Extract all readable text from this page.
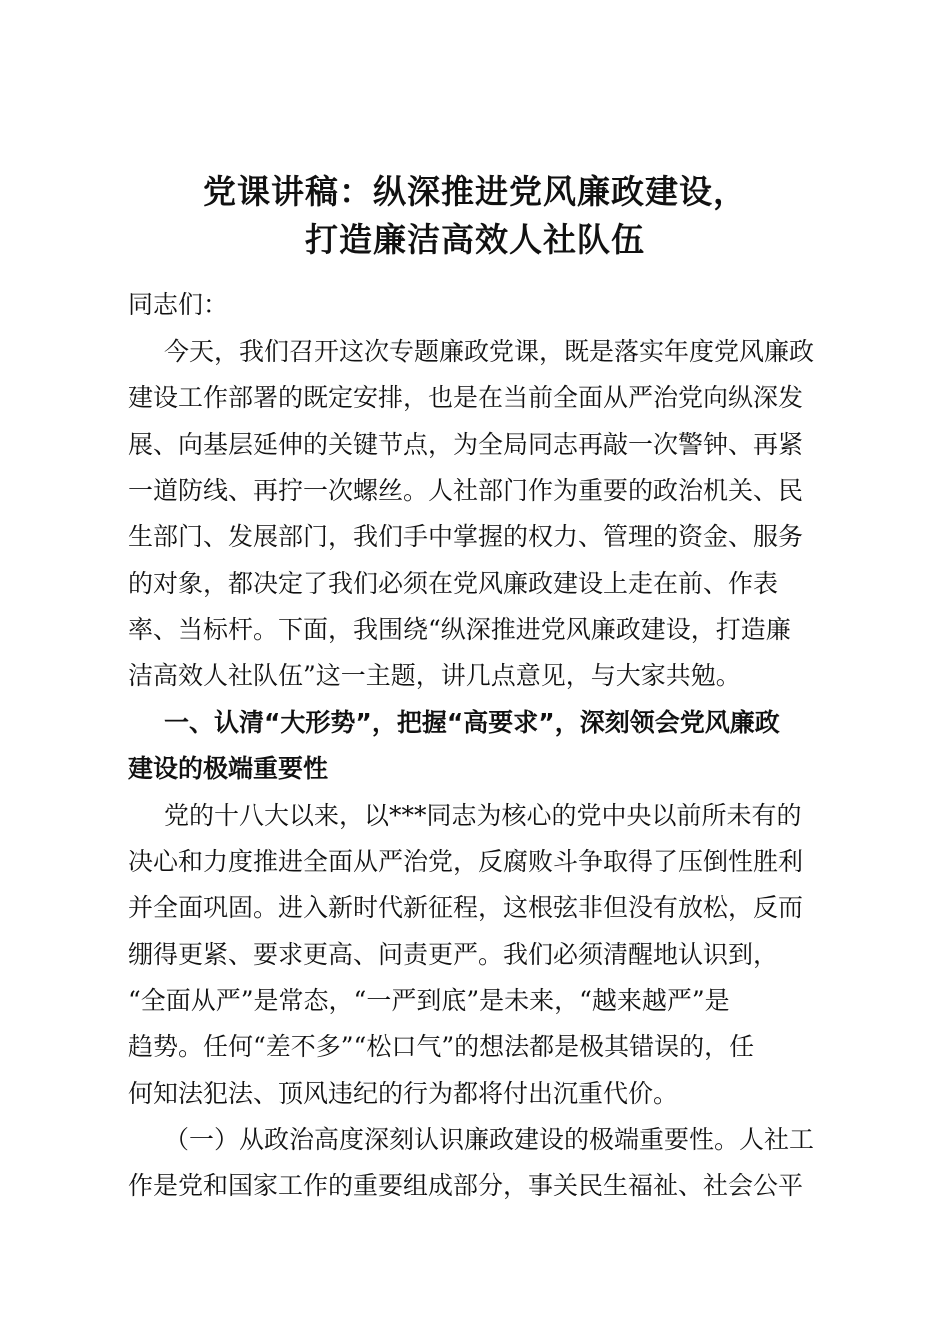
党课讲稿：纵深推进党风廉政建设，
打造廉洁高效人社队伍
同志们：
今天，我们召开这次专题廉政党课，既是落实年度党风廉政
建设工作部署的既定安排，也是在当前全面从严治党向纵深发
展、向基层延伸的关键节点，为全局同志再敲一次警钟、再紧
一道防线、再拧一次螺丝。人社部门作为重要的政治机关、民
生部门、发展部门，我们手中掌握的权力、管理的资金、服务
的对象，都决定了我们必须在党风廉政建设上走在前、作表
率、当标杆。下面，我围绕“纵深推进党风廉政建设，打造廉
洁高效人社队伍”这一主题，讲几点意见，与大家共勉。
一、认清“大形势”，把握“高要求”，深刻领会党风廉政
建设的极端重要性
党的十八大以来，以***同志为核心的党中央以前所未有的
决心和力度推进全面从严治党，反腐败斗争取得了压倒性胜利
并全面巩固。进入新时代新征程，这根弦非但没有放松，反而
绷得更紧、要求更高、问责更严。我们必须清醒地认识到，
“全面从严”是常态，“一严到底”是未来，“越来越严”是
趋势。任何“差不多”“松口气”的想法都是极其错误的，任
何知法犯法、顶风违纪的行为都将付出沉重代价。
（一）从政治高度深刻认识廉政建设的极端重要性。人社工
作是党和国家工作的重要组成部分，事关民生福祉、社会公平
